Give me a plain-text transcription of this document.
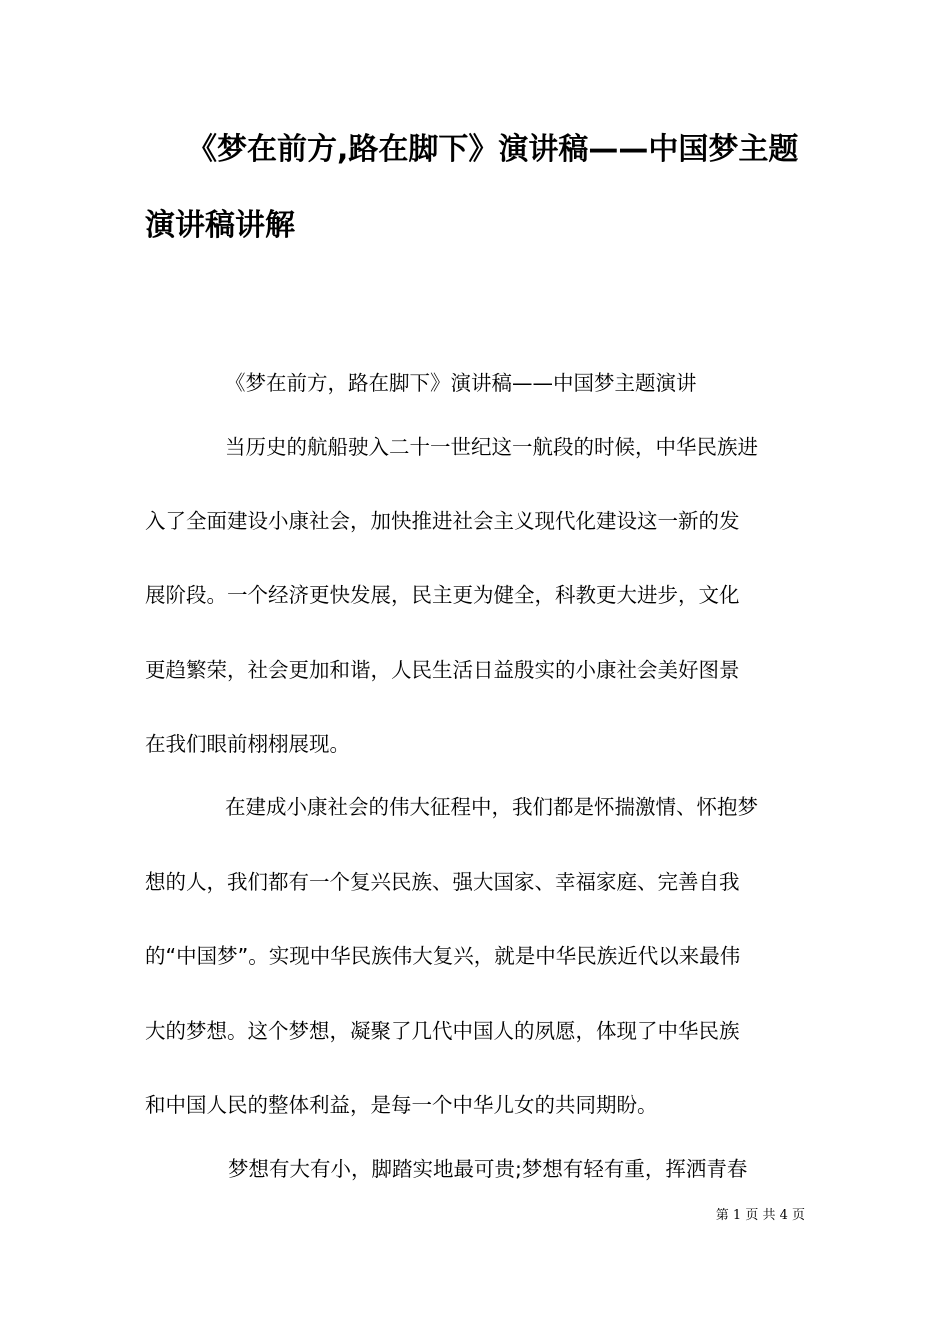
《梦在前方,路在脚下》演讲稿——中国梦主题
演讲稿讲解
《梦在前方，路在脚下》演讲稿——中国梦主题演讲
当历史的航船驶入二十一世纪这一航段的时候，中华民族进
入了全面建设小康社会，加快推进社会主义现代化建设这一新的发
展阶段。一个经济更快发展，民主更为健全，科教更大进步，文化
更趋繁荣，社会更加和谐，人民生活日益殷实的小康社会美好图景
在我们眼前栩栩展现。
在建成小康社会的伟大征程中，我们都是怀揣激情、怀抱梦
想的人，我们都有一个复兴民族、强大国家、幸福家庭、完善自我
的“中国梦”。实现中华民族伟大复兴，就是中华民族近代以来最伟
大的梦想。这个梦想，凝聚了几代中国人的夙愿，体现了中华民族
和中国人民的整体利益，是每一个中华儿女的共同期盼。
梦想有大有小，脚踏实地最可贵;梦想有轻有重，挥洒青春
第 1 页 共 4 页
